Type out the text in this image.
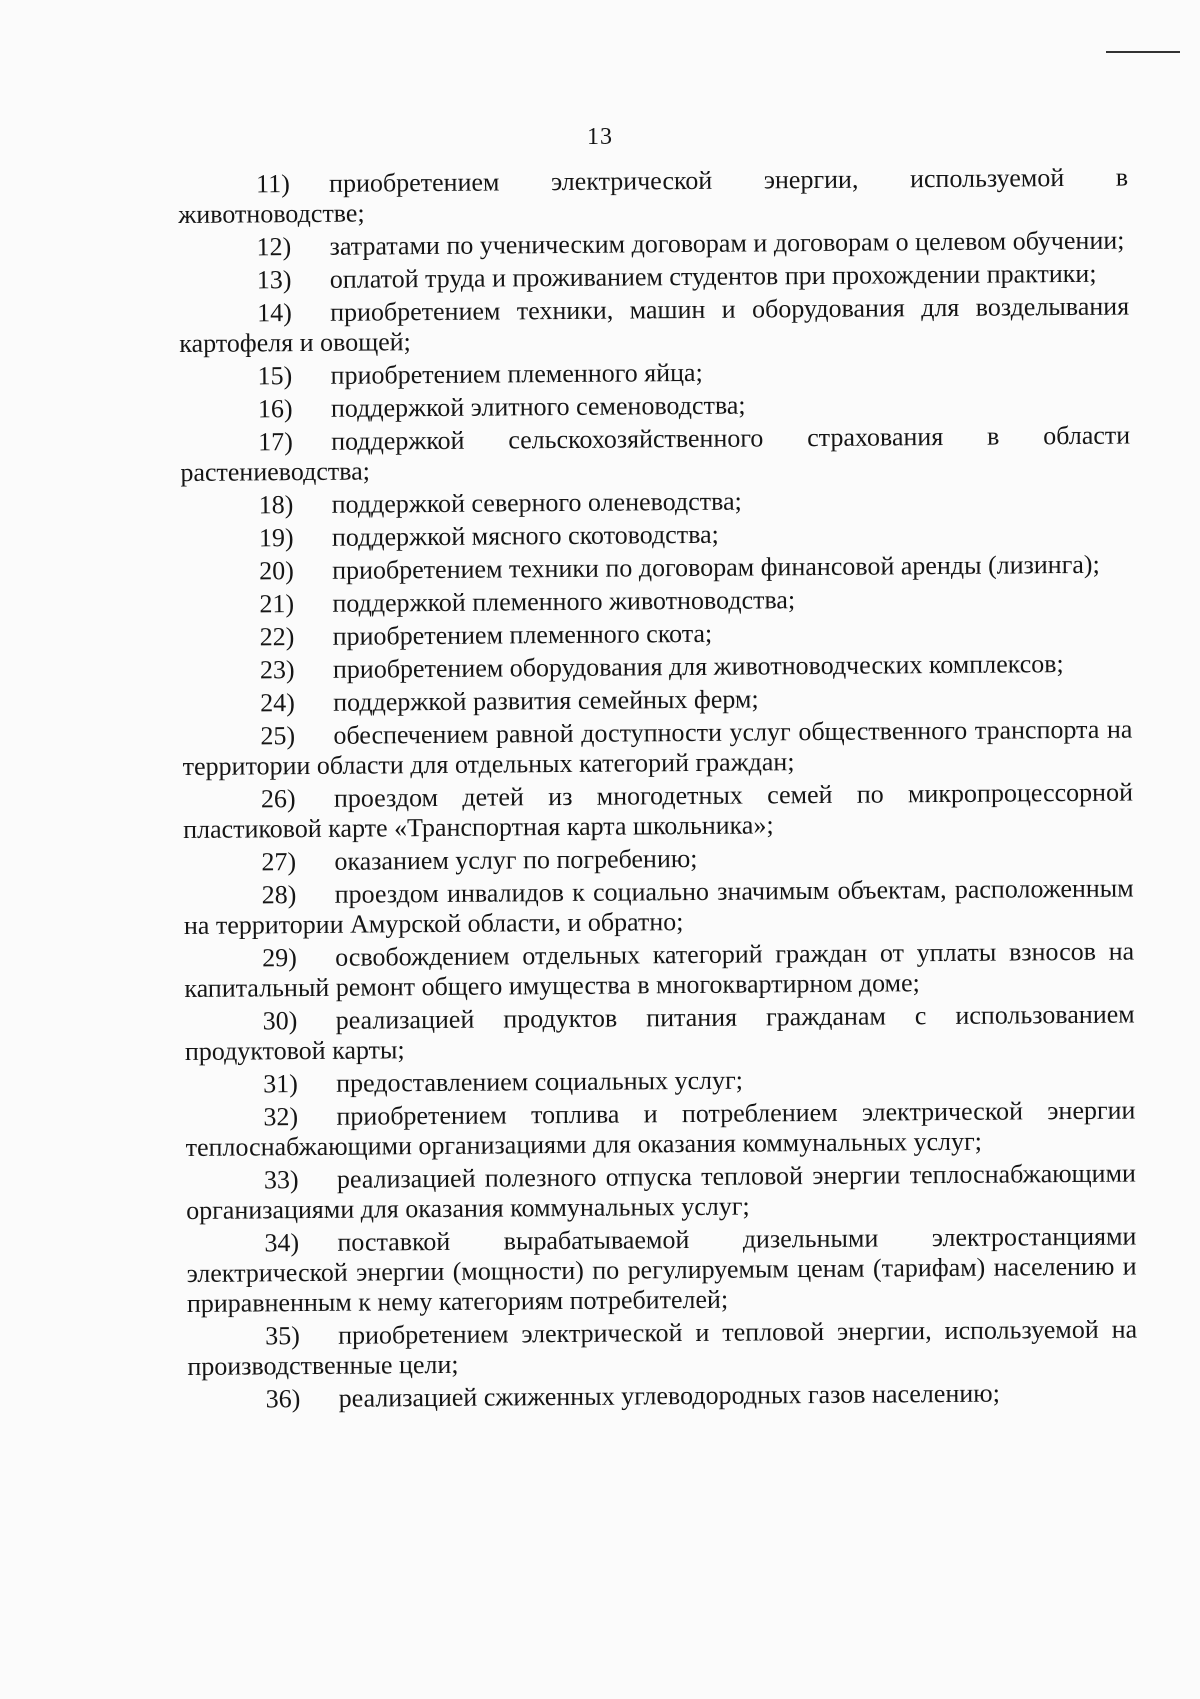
13
11) приобретением электрической энергии, используемой в животноводстве;
12) затратами по ученическим договорам и договорам о целевом обучении;
13) оплатой труда и проживанием студентов при прохождении практики;
14) приобретением техники, машин и оборудования для возделывания картофеля и овощей;
15) приобретением племенного яйца;
16) поддержкой элитного семеноводства;
17) поддержкой сельскохозяйственного страхования в области растениеводства;
18) поддержкой северного оленеводства;
19) поддержкой мясного скотоводства;
20) приобретением техники по договорам финансовой аренды (лизинга);
21) поддержкой племенного животноводства;
22) приобретением племенного скота;
23) приобретением оборудования для животноводческих комплексов;
24) поддержкой развития семейных ферм;
25) обеспечением равной доступности услуг общественного транспорта на территории области для отдельных категорий граждан;
26) проездом детей из многодетных семей по микропроцессорной пластиковой карте «Транспортная карта школьника»;
27) оказанием услуг по погребению;
28) проездом инвалидов к социально значимым объектам, расположенным на территории Амурской области, и обратно;
29) освобождением отдельных категорий граждан от уплаты взносов на капитальный ремонт общего имущества в многоквартирном доме;
30) реализацией продуктов питания гражданам с использованием продуктовой карты;
31) предоставлением социальных услуг;
32) приобретением топлива и потреблением электрической энергии теплоснабжающими организациями для оказания коммунальных услуг;
33) реализацией полезного отпуска тепловой энергии теплоснабжающими организациями для оказания коммунальных услуг;
34) поставкой вырабатываемой дизельными электростанциями электрической энергии (мощности) по регулируемым ценам (тарифам) населению и приравненным к нему категориям потребителей;
35) приобретением электрической и тепловой энергии, используемой на производственные цели;
36) реализацией сжиженных углеводородных газов населению;
